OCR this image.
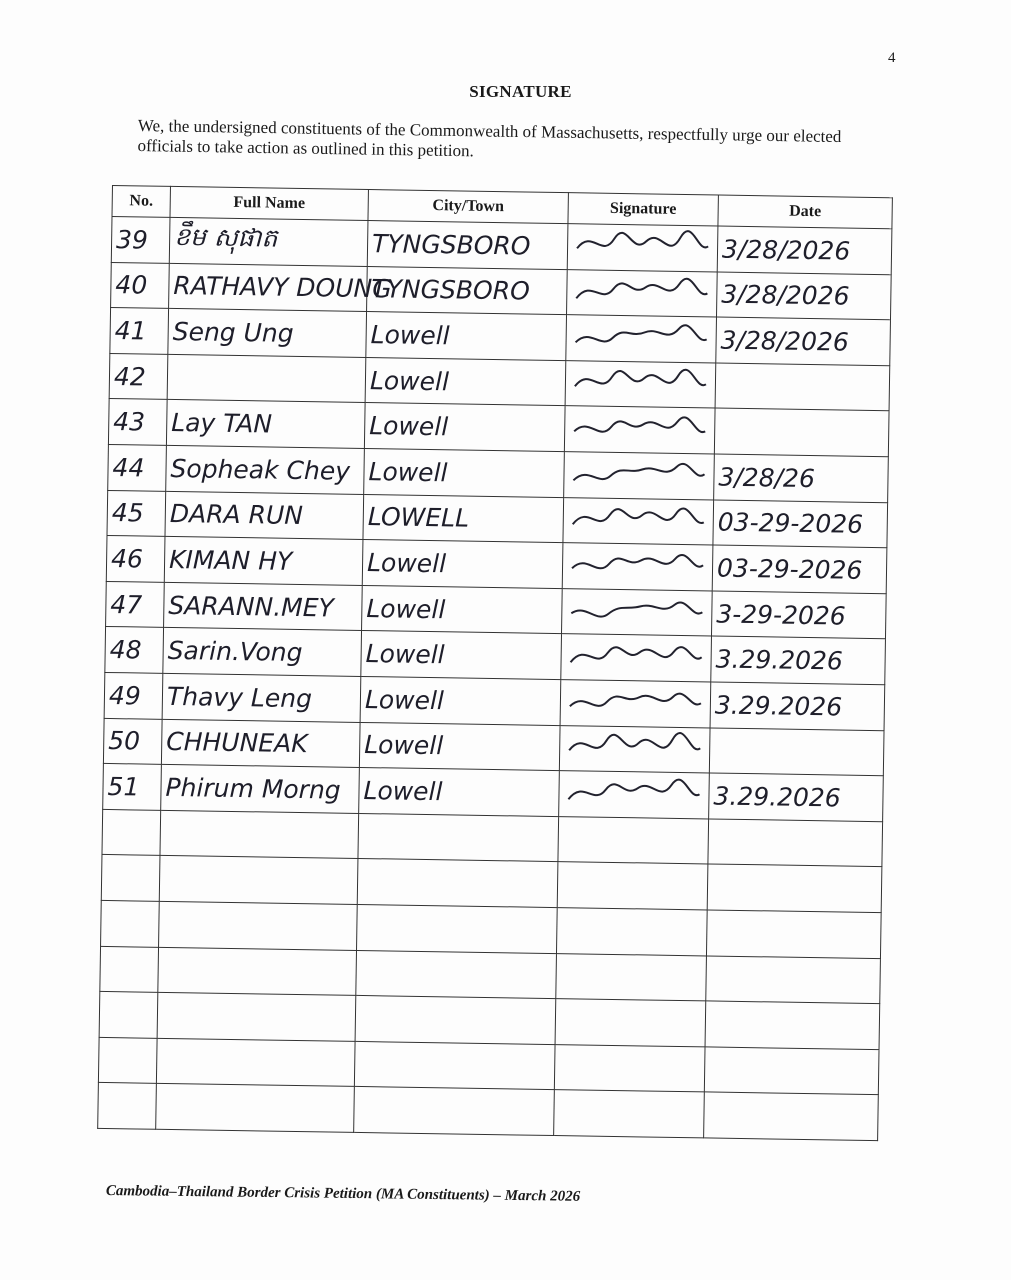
4
SIGNATURE
We, the undersigned constituents of the Commonwealth of Massachusetts, respectfully urge our elected officials to take action as outlined in this petition.
No.	Full Name	City/Town	Signature	Date
39	ខឹម សុផាត	TYNGSBORO		3/28/2026
40	RATHAVY DOUNG	TYNGSBORO		3/28/2026
41	Seng Ung	Lowell		3/28/2026
42		Lowell		
43	Lay TAN	Lowell		
44	Sopheak Chey	Lowell		3/28/26
45	DARA RUN	LOWELL		03-29-2026
46	KIMAN HY	Lowell		03-29-2026
47	SARANN.MEY	Lowell		3-29-2026
48	Sarin.Vong	Lowell		3.29.2026
49	Thavy Leng	Lowell		3.29.2026
50	CHHUNEAK	Lowell		
51	Phirum Morng	Lowell		3.29.2026

Cambodia–Thailand Border Crisis Petition (MA Constituents) – March 2026
